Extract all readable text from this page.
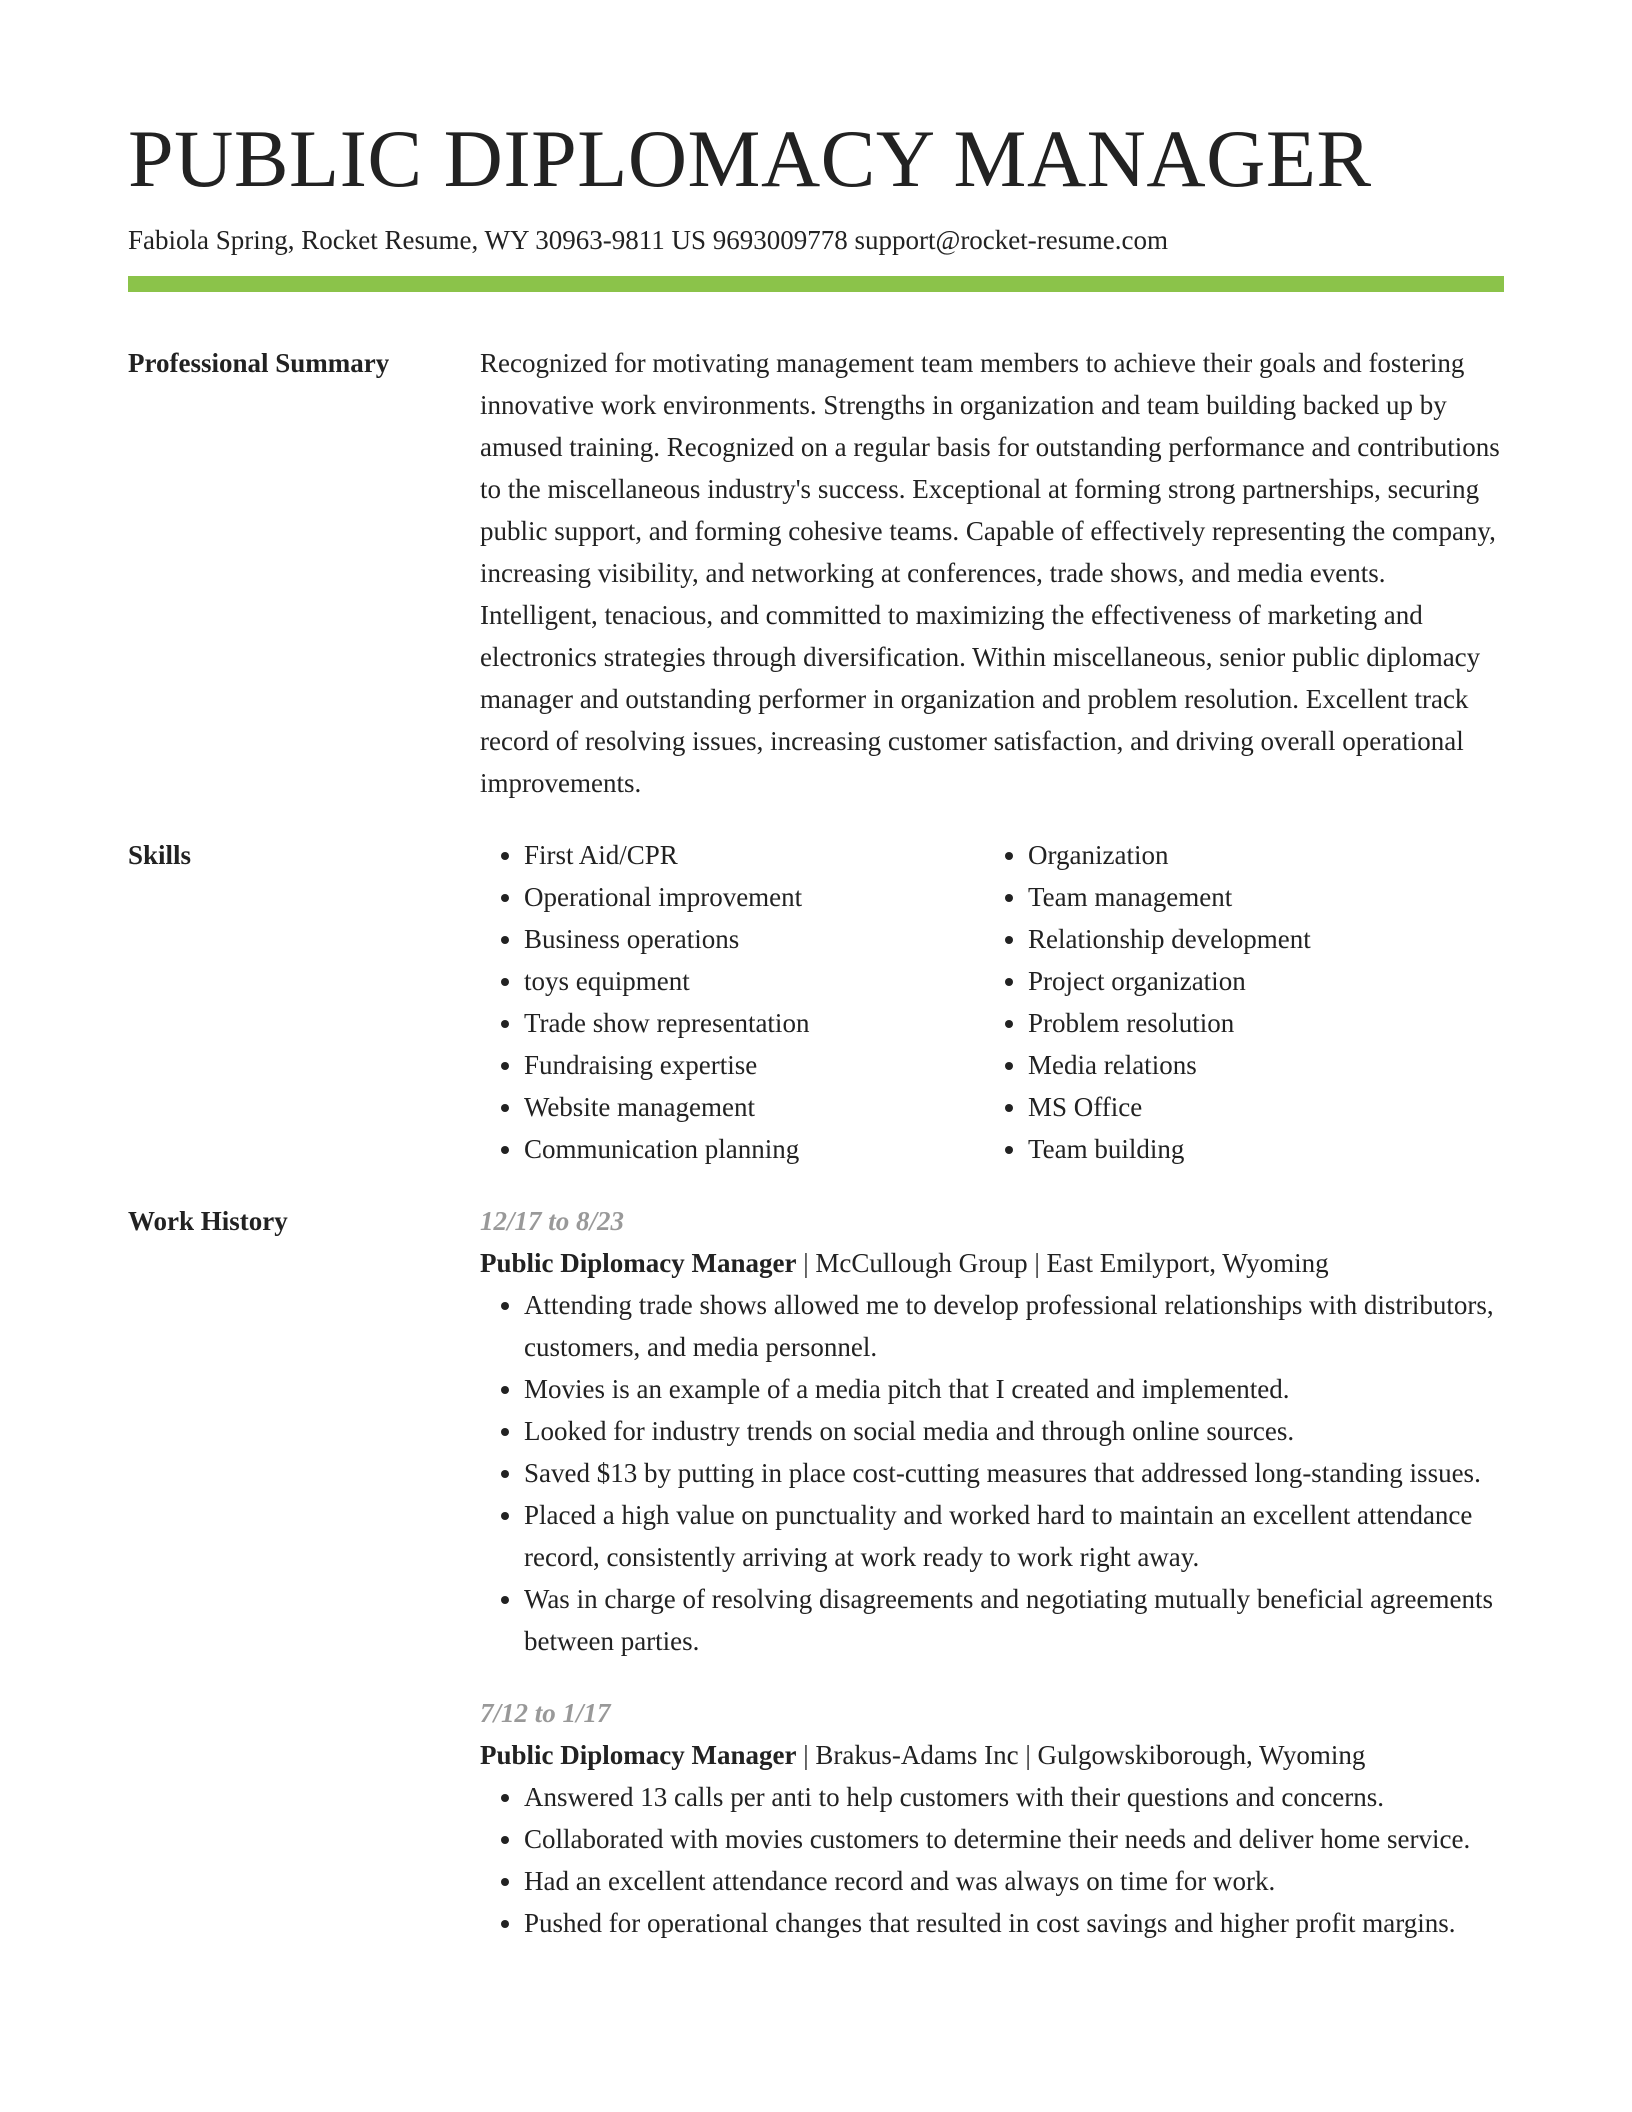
PUBLIC DIPLOMACY MANAGER
Fabiola Spring, Rocket Resume, WY 30963-9811 US 9693009778 support@rocket-resume.com
Professional Summary	Recognized for motivating management team members to achieve their goals and fostering innovative work environments. Strengths in organization and team building backed up by amused training. Recognized on a regular basis for outstanding performance and contributions to the miscellaneous industry's success. Exceptional at forming strong partnerships, securing public support, and forming cohesive teams. Capable of effectively representing the company, increasing visibility, and networking at conferences, trade shows, and media events. Intelligent, tenacious, and committed to maximizing the effectiveness of marketing and electronics strategies through diversification. Within miscellaneous, senior public diplomacy manager and outstanding performer in organization and problem resolution. Excellent track record of resolving issues, increasing customer satisfaction, and driving overall operational improvements.

Skills
•	First Aid/CPR
• Operational improvement
• Business operations
• toys equipment
• Trade show representation
• Fundraising expertise
• Website management
• Communication planning
• Organization
• Team management
• Relationship development
• Project organization
• Problem resolution
• Media relations
• MS Office
• Team building
Work History	12/17 to 8/23
Public Diplomacy Manager | McCullough Group | East Emilyport, Wyoming
• Attending trade shows allowed me to develop professional relationships with distributors, customers, and media personnel.
• Movies is an example of a media pitch that I created and implemented.
• Looked for industry trends on social media and through online sources.
• Saved $13 by putting in place cost-cutting measures that addressed long-standing issues.
• Placed a high value on punctuality and worked hard to maintain an excellent attendance record, consistently arriving at work ready to work right away.
• Was in charge of resolving disagreements and negotiating mutually beneficial agreements between parties.
7/12 to 1/17
Public Diplomacy Manager | Brakus-Adams Inc | Gulgowskiborough, Wyoming
• Answered 13 calls per anti to help customers with their questions and concerns.
• Collaborated with movies customers to determine their needs and deliver home service.
• Had an excellent attendance record and was always on time for work.
• Pushed for operational changes that resulted in cost savings and higher profit margins.
